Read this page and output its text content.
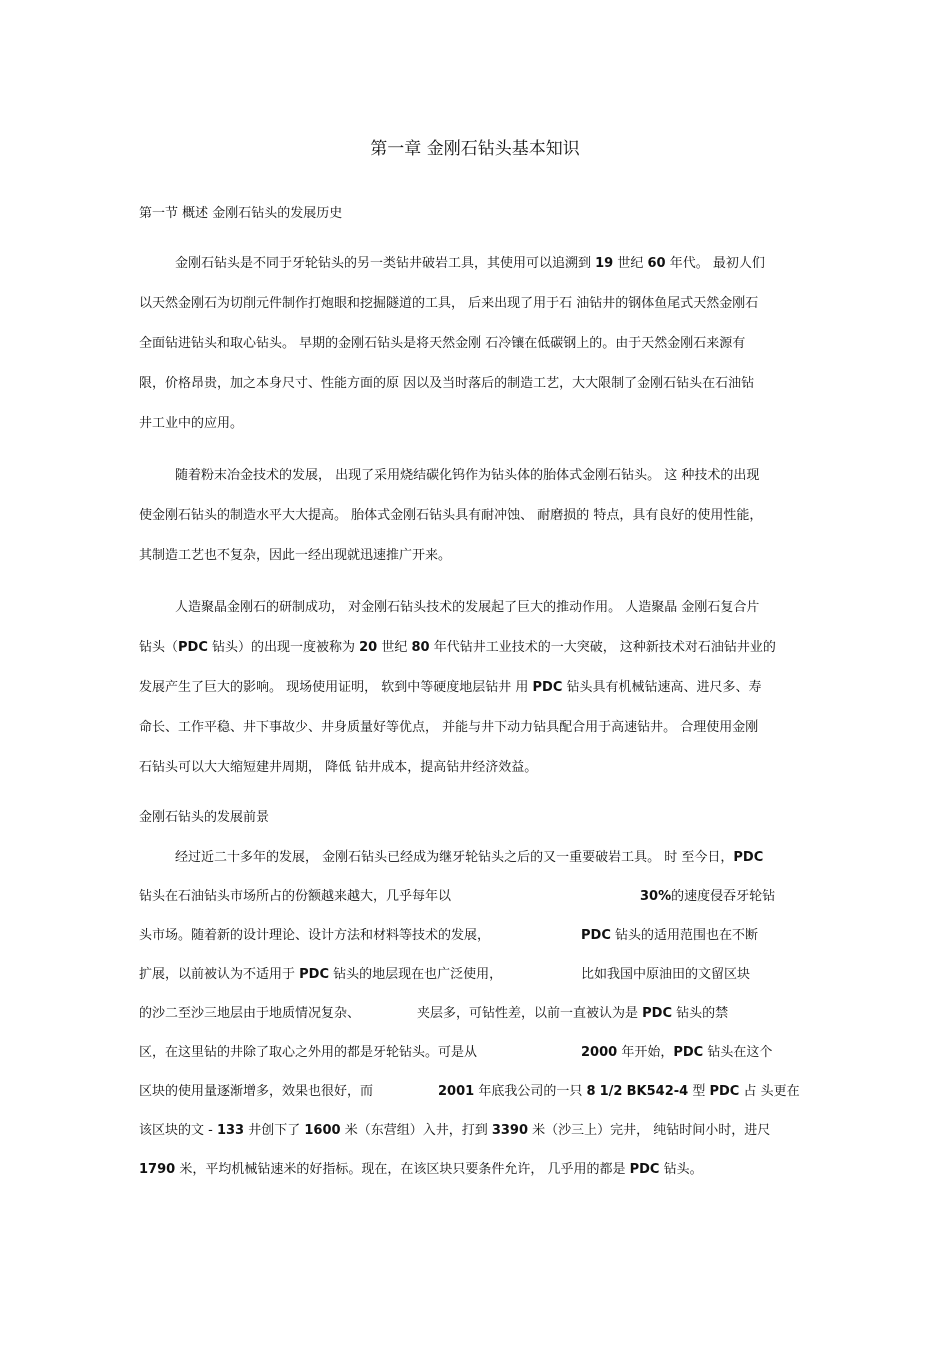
第一章 金刚石钻头基本知识
第一节 概述 金刚石钻头的发展历史
金刚石钻头是不同于牙轮钻头的另一类钻井破岩工具，其使用可以追溯到 19 世纪 60 年代。 最初人们
以天然金刚石为切削元件制作打炮眼和挖掘隧道的工具， 后来出现了用于石 油钻井的钢体鱼尾式天然金刚石
全面钻进钻头和取心钻头。 早期的金刚石钻头是将天然金刚 石冷镶在低碳钢上的。由于天然金刚石来源有
限，价格昂贵，加之本身尺寸、性能方面的原 因以及当时落后的制造工艺，大大限制了金刚石钻头在石油钻
井工业中的应用。
随着粉末冶金技术的发展， 出现了采用烧结碳化钨作为钻头体的胎体式金刚石钻头。 这 种技术的出现
使金刚石钻头的制造水平大大提高。 胎体式金刚石钻头具有耐冲蚀、 耐磨损的 特点，具有良好的使用性能，
其制造工艺也不复杂，因此一经出现就迅速推广开来。
人造聚晶金刚石的研制成功， 对金刚石钻头技术的发展起了巨大的推动作用。 人造聚晶 金刚石复合片
钻头（PDC 钻头）的出现一度被称为 20 世纪 80 年代钻井工业技术的一大突破， 这种新技术对石油钻井业的
发展产生了巨大的影响。 现场使用证明， 软到中等硬度地层钻井 用 PDC 钻头具有机械钻速高、进尺多、寿
命长、工作平稳、井下事故少、井身质量好等优点， 并能与井下动力钻具配合用于高速钻井。 合理使用金刚
石钻头可以大大缩短建井周期， 降低 钻井成本，提高钻井经济效益。
金刚石钻头的发展前景
经过近二十多年的发展， 金刚石钻头已经成为继牙轮钻头之后的又一重要破岩工具。 时 至今日，PDC
钻头在石油钻头市场所占的份额越来越大，几乎每年以	30%的速度侵吞牙轮钻
头市场。随着新的设计理论、设计方法和材料等技术的发展，	PDC 钻头的适用范围也在不断
扩展，以前被认为不适用于 PDC 钻头的地层现在也广泛使用，	比如我国中原油田的文留区块
的沙二至沙三地层由于地质情况复杂、	夹层多，可钻性差，以前一直被认为是 PDC 钻头的禁
区，在这里钻的井除了取心之外用的都是牙轮钻头。可是从	2000 年开始，PDC 钻头在这个
区块的使用量逐渐增多，效果也很好，而	2001 年底我公司的一只 8 1/2 BK542-4 型 PDC 占 头更在
该区块的文 - 133 井创下了 1600 米（东营组）入井，打到 3390 米（沙三上）完井， 纯钻时间小时，进尺
1790 米，平均机械钻速米的好指标。现在，在该区块只要条件允许， 几乎用的都是 PDC 钻头。
